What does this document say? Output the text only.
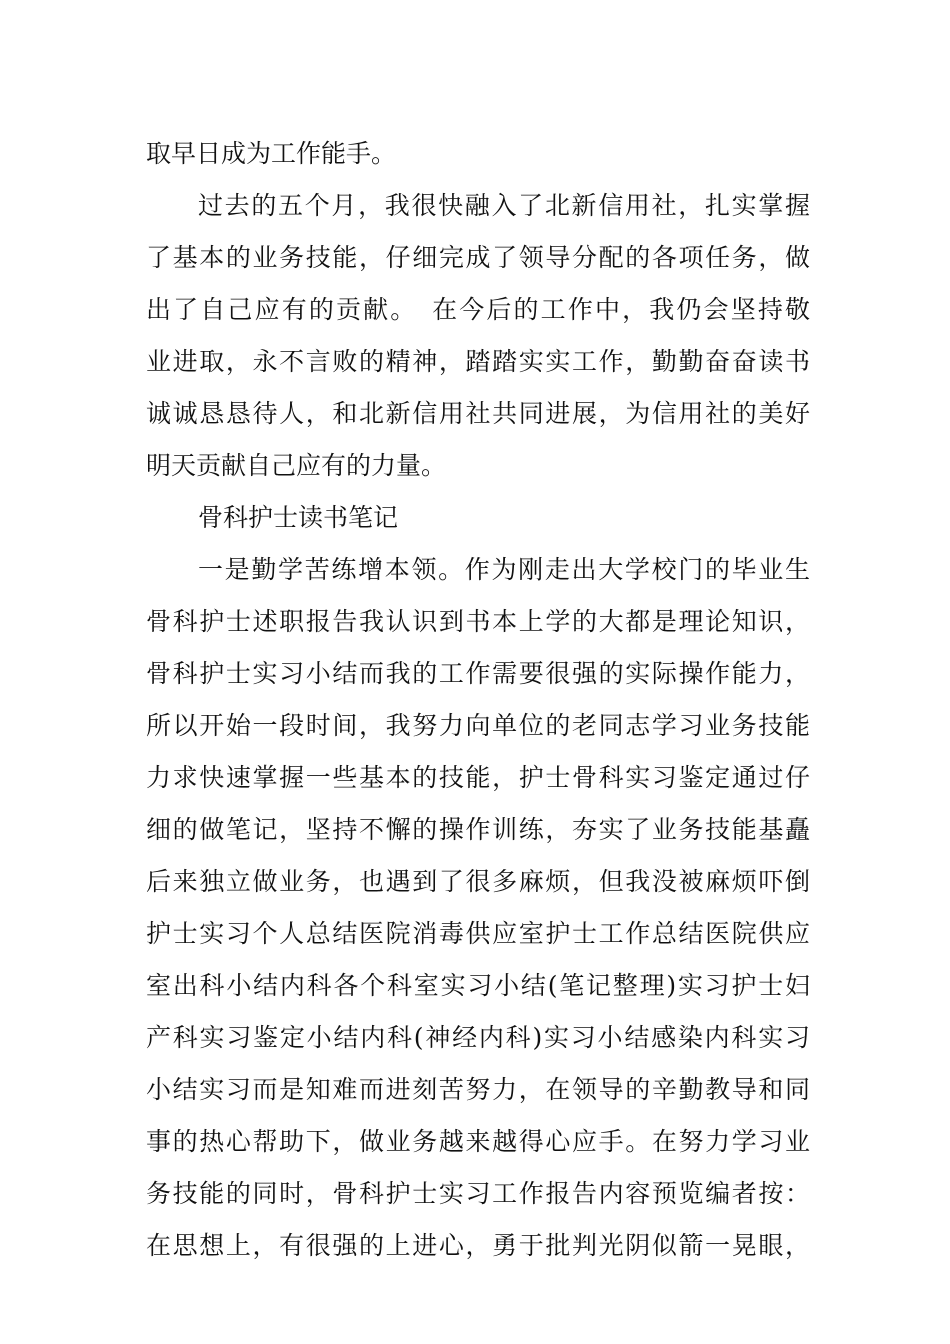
取早日成为工作能手。
过去的五个月，我很快融入了北新信用社，扎实掌握
了基本的业务技能，仔细完成了领导分配的各项任务，做
出了自己应有的贡献。　在今后的工作中，我仍会坚持敬
业进取，永不言败的精神，踏踏实实工作，勤勤奋奋读书
诚诚恳恳待人，和北新信用社共同进展，为信用社的美好
明天贡献自己应有的力量。
骨科护士读书笔记
一是勤学苦练增本领。作为刚走出大学校门的毕业生
骨科护士述职报告我认识到书本上学的大都是理论知识，
骨科护士实习小结而我的工作需要很强的实际操作能力，
所以开始一段时间，我努力向单位的老同志学习业务技能
力求快速掌握一些基本的技能，护士骨科实习鉴定通过仔
细的做笔记，坚持不懈的操作训练，夯实了业务技能基矗
后来独立做业务，也遇到了很多麻烦，但我没被麻烦吓倒
护士实习个人总结医院消毒供应室护士工作总结医院供应
室出科小结内科各个科室实习小结(笔记整理)实习护士妇
产科实习鉴定小结内科(神经内科)实习小结感染内科实习
小结实习而是知难而进刻苦努力，在领导的辛勤教导和同
事的热心帮助下，做业务越来越得心应手。在努力学习业
务技能的同时，骨科护士实习工作报告内容预览编者按：
在思想上，有很强的上进心，勇于批判光阴似箭一晃眼，
